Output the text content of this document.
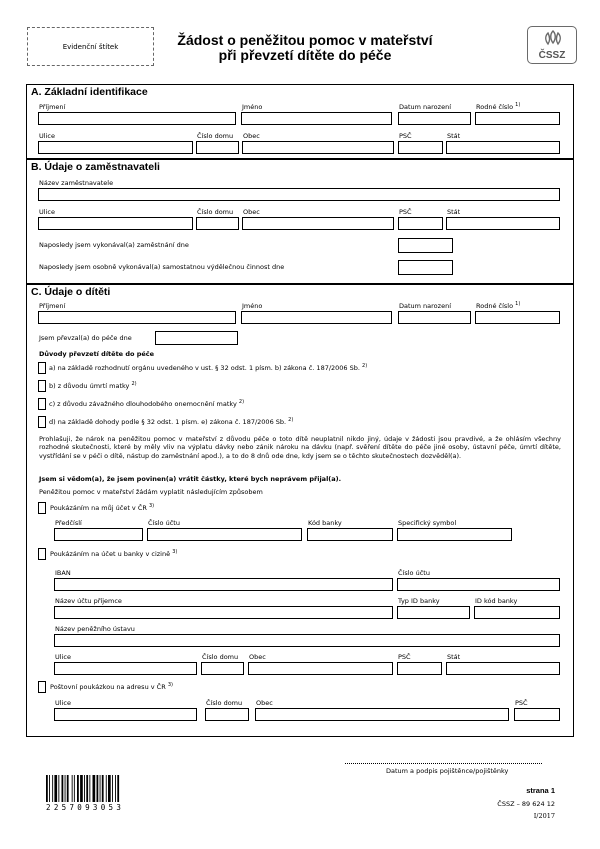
Evidenční štítek	Žádost o peněžitou pomoc v mateřství
při převzetí dítěte do péče	ČSSZ
A. Základní identifikace
Příjmení	Jméno	Datum narození	Rodné číslo $^{1)}$
Ulice	Číslo domu Obec	PSČ	Stát
B. Údaje o zaměstnavateli
Název zaměstnavatele
Ulice	Číslo domu Obec	PSČ	Stát
Naposledy jsem vykonával(a) zaměstnání dne
Naposledy jsem osobně vykonával(a) samostatnou výdělečnou činnost dne
C. Údaje o dítěti
Příjmení	Jméno	Datum narození	Rodné číslo $^{1)}$
Jsem převzal(a) do péče dne
Důvody převzetí dítěte do péče
a) na základě rozhodnutí orgánu uvedeného v ust. § 32 odst. 1 písm. b) zákona č. 187/2006 Sb. $^{2)}$
b) z důvodu úmrtí matky $^{2)}$
c) z důvodu závažného dlouhodobého onemocnění matky $^{2)}$
d) na základě dohody podle § 32 odst. 1 písm. e) zákona č. 187/2006 Sb. $^{2)}$
Prohlašuji, že nárok na peněžitou pomoc v mateřství z důvodu péče o toto dítě neuplatnil nikdo jiný, údaje v žádosti jsou pravdivé, a že ohlásím všechny rozhodné skutečnosti, které by měly vliv na výplatu dávky nebo zánik nároku na dávku (např. svěření dítěte do péče jiné osoby, ústavní péče, úmrtí dítěte, vystřídání se v péči o dítě, nástup do zaměstnání apod.), a to do 8 dnů ode dne, kdy jsem se o těchto skutečnostech dozvěděl(a).
Jsem si vědom(a), že jsem povinen(a) vrátit částky, které bych neprávem přijal(a).
Peněžitou pomoc v mateřství žádám vyplatit následujícím způsobem
Poukázáním na můj účet v ČR $^{3)}$
Předčíslí	Číslo účtu	Kód banky	Specifický symbol
Poukázáním na účet u banky v cizině $^{3)}$
IBAN	Číslo účtu
Název účtu příjemce	Typ ID banky	ID kód banky
Název peněžního ústavu
Ulice	Číslo domu Obec	PSČ	Stát
Poštovní poukázkou na adresu v ČR $^{3)}$
Ulice	Číslo domu Obec	PSČ
Datum a podpis pojištěnce/pojištěnky
2257093053
strana 1
ČSSZ – 89 624 12
I/2017
